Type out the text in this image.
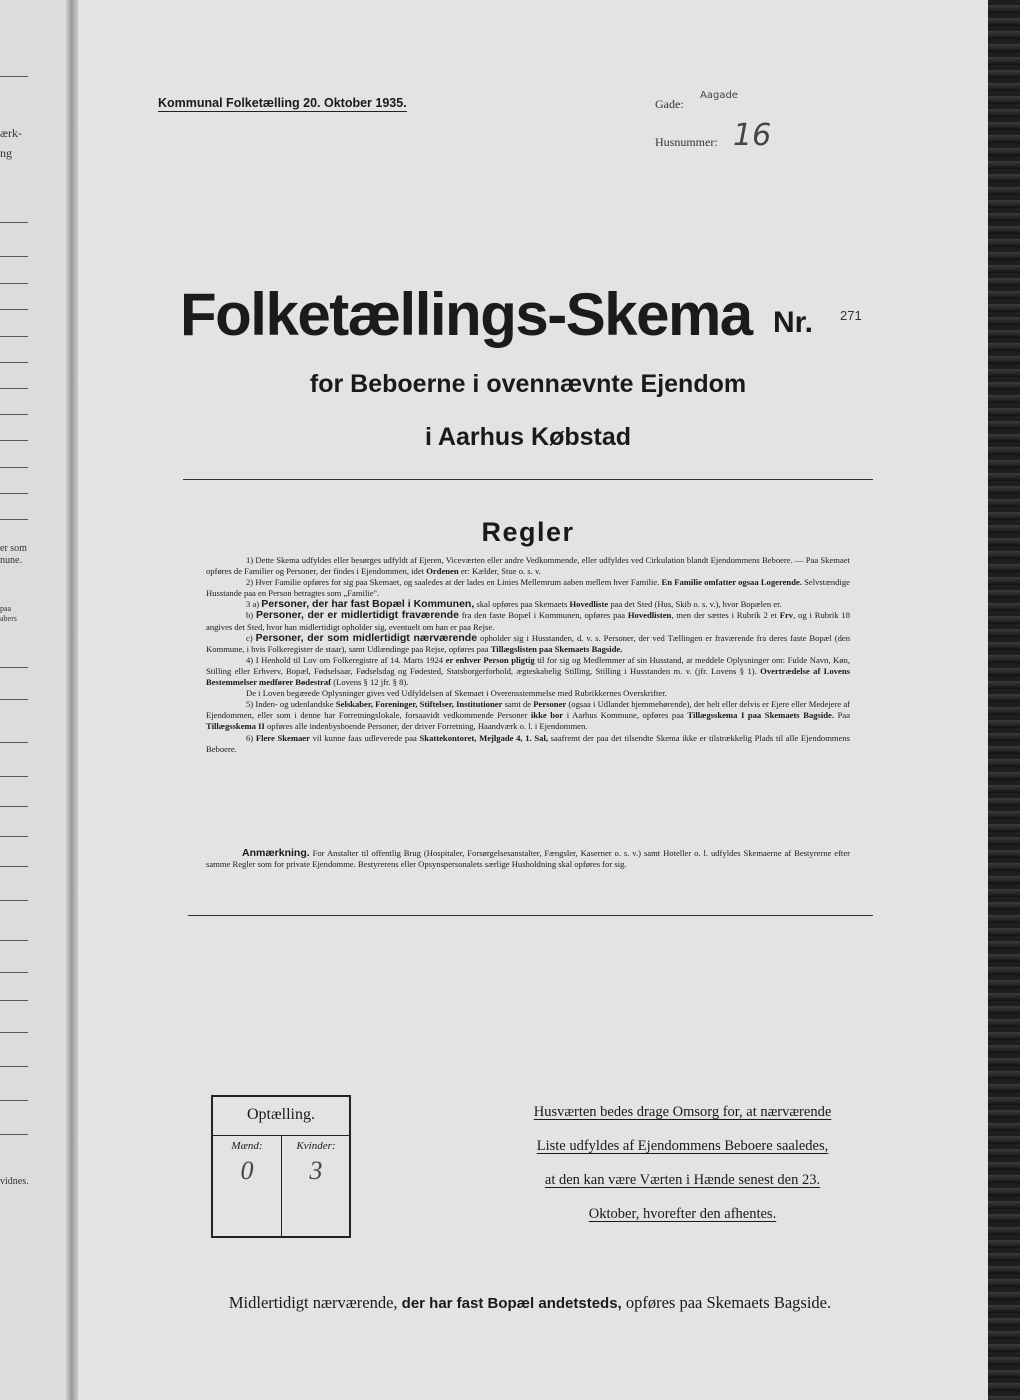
ærk-
ng
er som
nune.
paa
abers
vidnes.
Kommunal Folketælling 20. Oktober 1935.	Gade:
Aagade
Husnummer: 16
Folketællings-Skema Nr. 271
for Beboerne i ovennævnte Ejendom
i Aarhus Købstad
Regler

1) Dette Skema udfyldes eller besørges udfyldt af Ejeren, Viceværten eller andre Vedkommende, eller udfyldes ved Cirkulation blandt Ejendommens Beboere. — Paa Skemaet opføres de Familier og Personer, der findes i Ejendommen, idet Ordenen er: Kælder, Stue o. s. v.

2) Hver Familie opføres for sig paa Skemaet, og saaledes at der lades en Linies Mellemrum aaben mellem hver Familie. En Familie omfatter ogsaa Logerende. Selvstændige Husstande paa en Person betragtes som „Familie".

3 a) Personer, der har fast Bopæl i Kommunen, skal opføres paa Skemaets Hovedliste paa det Sted (Hus, Skib o. s. v.), hvor Bopælen er.

b) Personer, der er midlertidigt fraværende fra den faste Bopæl i Kommunen, opføres paa Hovedlisten, men der sættes i Rubrik 2 et Frv, og i Rubrik 18 angives det Sted, hvor han midlertidigt opholder sig, eventuelt om han er paa Rejse.

c) Personer, der som midlertidigt nærværende opholder sig i Husstanden, d. v. s. Personer, der ved Tællingen er fraværende fra deres faste Bopæl (den Kommune, i hvis Folkeregister de staar), samt Udlændinge paa Rejse, opføres paa Tillægslisten paa Skemaets Bagside.

4) I Henhold til Lov om Folkeregistre af 14. Marts 1924 er enhver Person pligtig til for sig og Medlemmer af sin Husstand, at meddele Oplysninger om: Fulde Navn, Køn, Stilling eller Erhverv, Bopæl, Fødselsaar, Fødselsdag og Fødested, Statsborgerforhold, ægteskabelig Stilling, Stilling i Husstanden m. v. (jfr. Lovens § 1). Overtrædelse af Lovens Bestemmelser medfører Bødestraf (Lovens § 12 jfr. § 8).

De i Loven begærede Oplysninger gives ved Udfyldelsen af Skemaet i Overensstemmelse med Rubrikkernes Overskrifter.

5) Inden- og udenlandske Selskaber, Foreninger, Stiftelser, Institutioner samt de Personer (ogsaa i Udlandet hjemmehørende), der helt eller delvis er Ejere eller Medejere af Ejendommen, eller som i denne har Forretningslokale, forsaavidt vedkommende Personer ikke bor i Aarhus Kommune, opføres paa Tillægsskema I paa Skemaets Bagside. Paa Tillægsskema II opføres alle indenbysboende Personer, der driver Forretning, Haandværk o. l. i Ejendommen.

6) Flere Skemaer vil kunne faas udleverede paa Skattekontoret, Mejlgade 4, 1. Sal, saafremt der paa det tilsendte Skema ikke er tilstrækkelig Plads til alle Ejendommens Beboere.

Anmærkning. For Anstalter til offentlig Brug (Hospitaler, Forsørgelsesanstalter, Fængsler, Kaserner o. s. v.) samt Hoteller o. l. udfyldes Skemaerne af Bestyrerne efter samme Regler som for private Ejendomme. Bestyrerens eller Opsynspersonalets særlige Husholdning skal opføres for sig.

Optælling.
Mænd:
0
Kvinder:
3
Husværten bedes drage Omsorg for, at nærværende
Liste udfyldes af Ejendommens Beboere saaledes,
at den kan være Værten i Hænde senest den 23.
Oktober, hvorefter den afhentes.
Midlertidigt nærværende, der har fast Bopæl andetsteds, opføres paa Skemaets Bagside.
